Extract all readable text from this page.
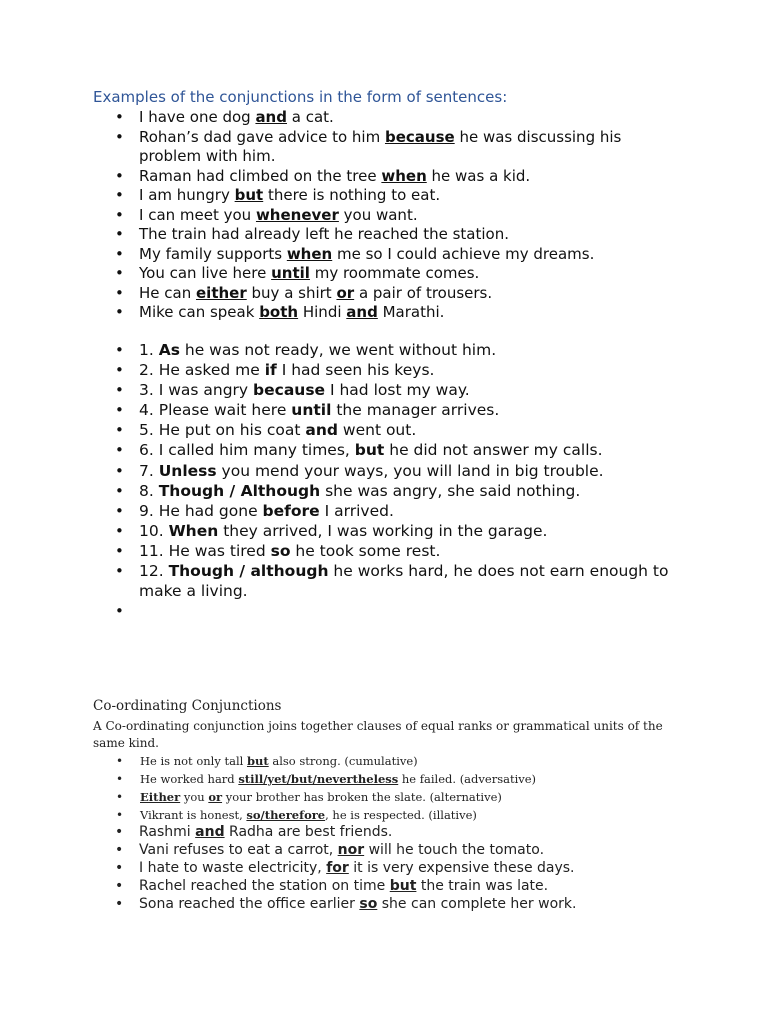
Examples of the conjunctions in the form of sentences:
• I have one dog and a cat.
• Rohan’s dad gave advice to him because he was discussing his problem with him.
• Raman had climbed on the tree when he was a kid.
• I am hungry but there is nothing to eat.
• I can meet you whenever you want.
• The train had already left he reached the station.
• My family supports when me so I could achieve my dreams.
• You can live here until my roommate comes.
• He can either buy a shirt or a pair of trousers.
• Mike can speak both Hindi and Marathi.
• 1. As he was not ready, we went without him.
• 2. He asked me if I had seen his keys.
• 3. I was angry because I had lost my way.
• 4. Please wait here until the manager arrives.
• 5. He put on his coat and went out.
• 6. I called him many times, but he did not answer my calls.
• 7. Unless you mend your ways, you will land in big trouble.
• 8. Though / Although she was angry, she said nothing.
• 9. He had gone before I arrived.
• 10. When they arrived, I was working in the garage.
• 11. He was tired so he took some rest.
• 12. Though / although he works hard, he does not earn enough to make a living.
•
Co-ordinating Conjunctions
A Co-ordinating conjunction joins together clauses of equal ranks or grammatical units of the same kind.
• He is not only tall but also strong. (cumulative)
• He worked hard still/yet/but/nevertheless he failed. (adversative)
• Either you or your brother has broken the slate. (alternative)
• Vikrant is honest, so/therefore, he is respected. (illative)
• Rashmi and Radha are best friends.
• Vani refuses to eat a carrot, nor will he touch the tomato.
• I hate to waste electricity, for it is very expensive these days.
• Rachel reached the station on time but the train was late.
• Sona reached the office earlier so she can complete her work.
